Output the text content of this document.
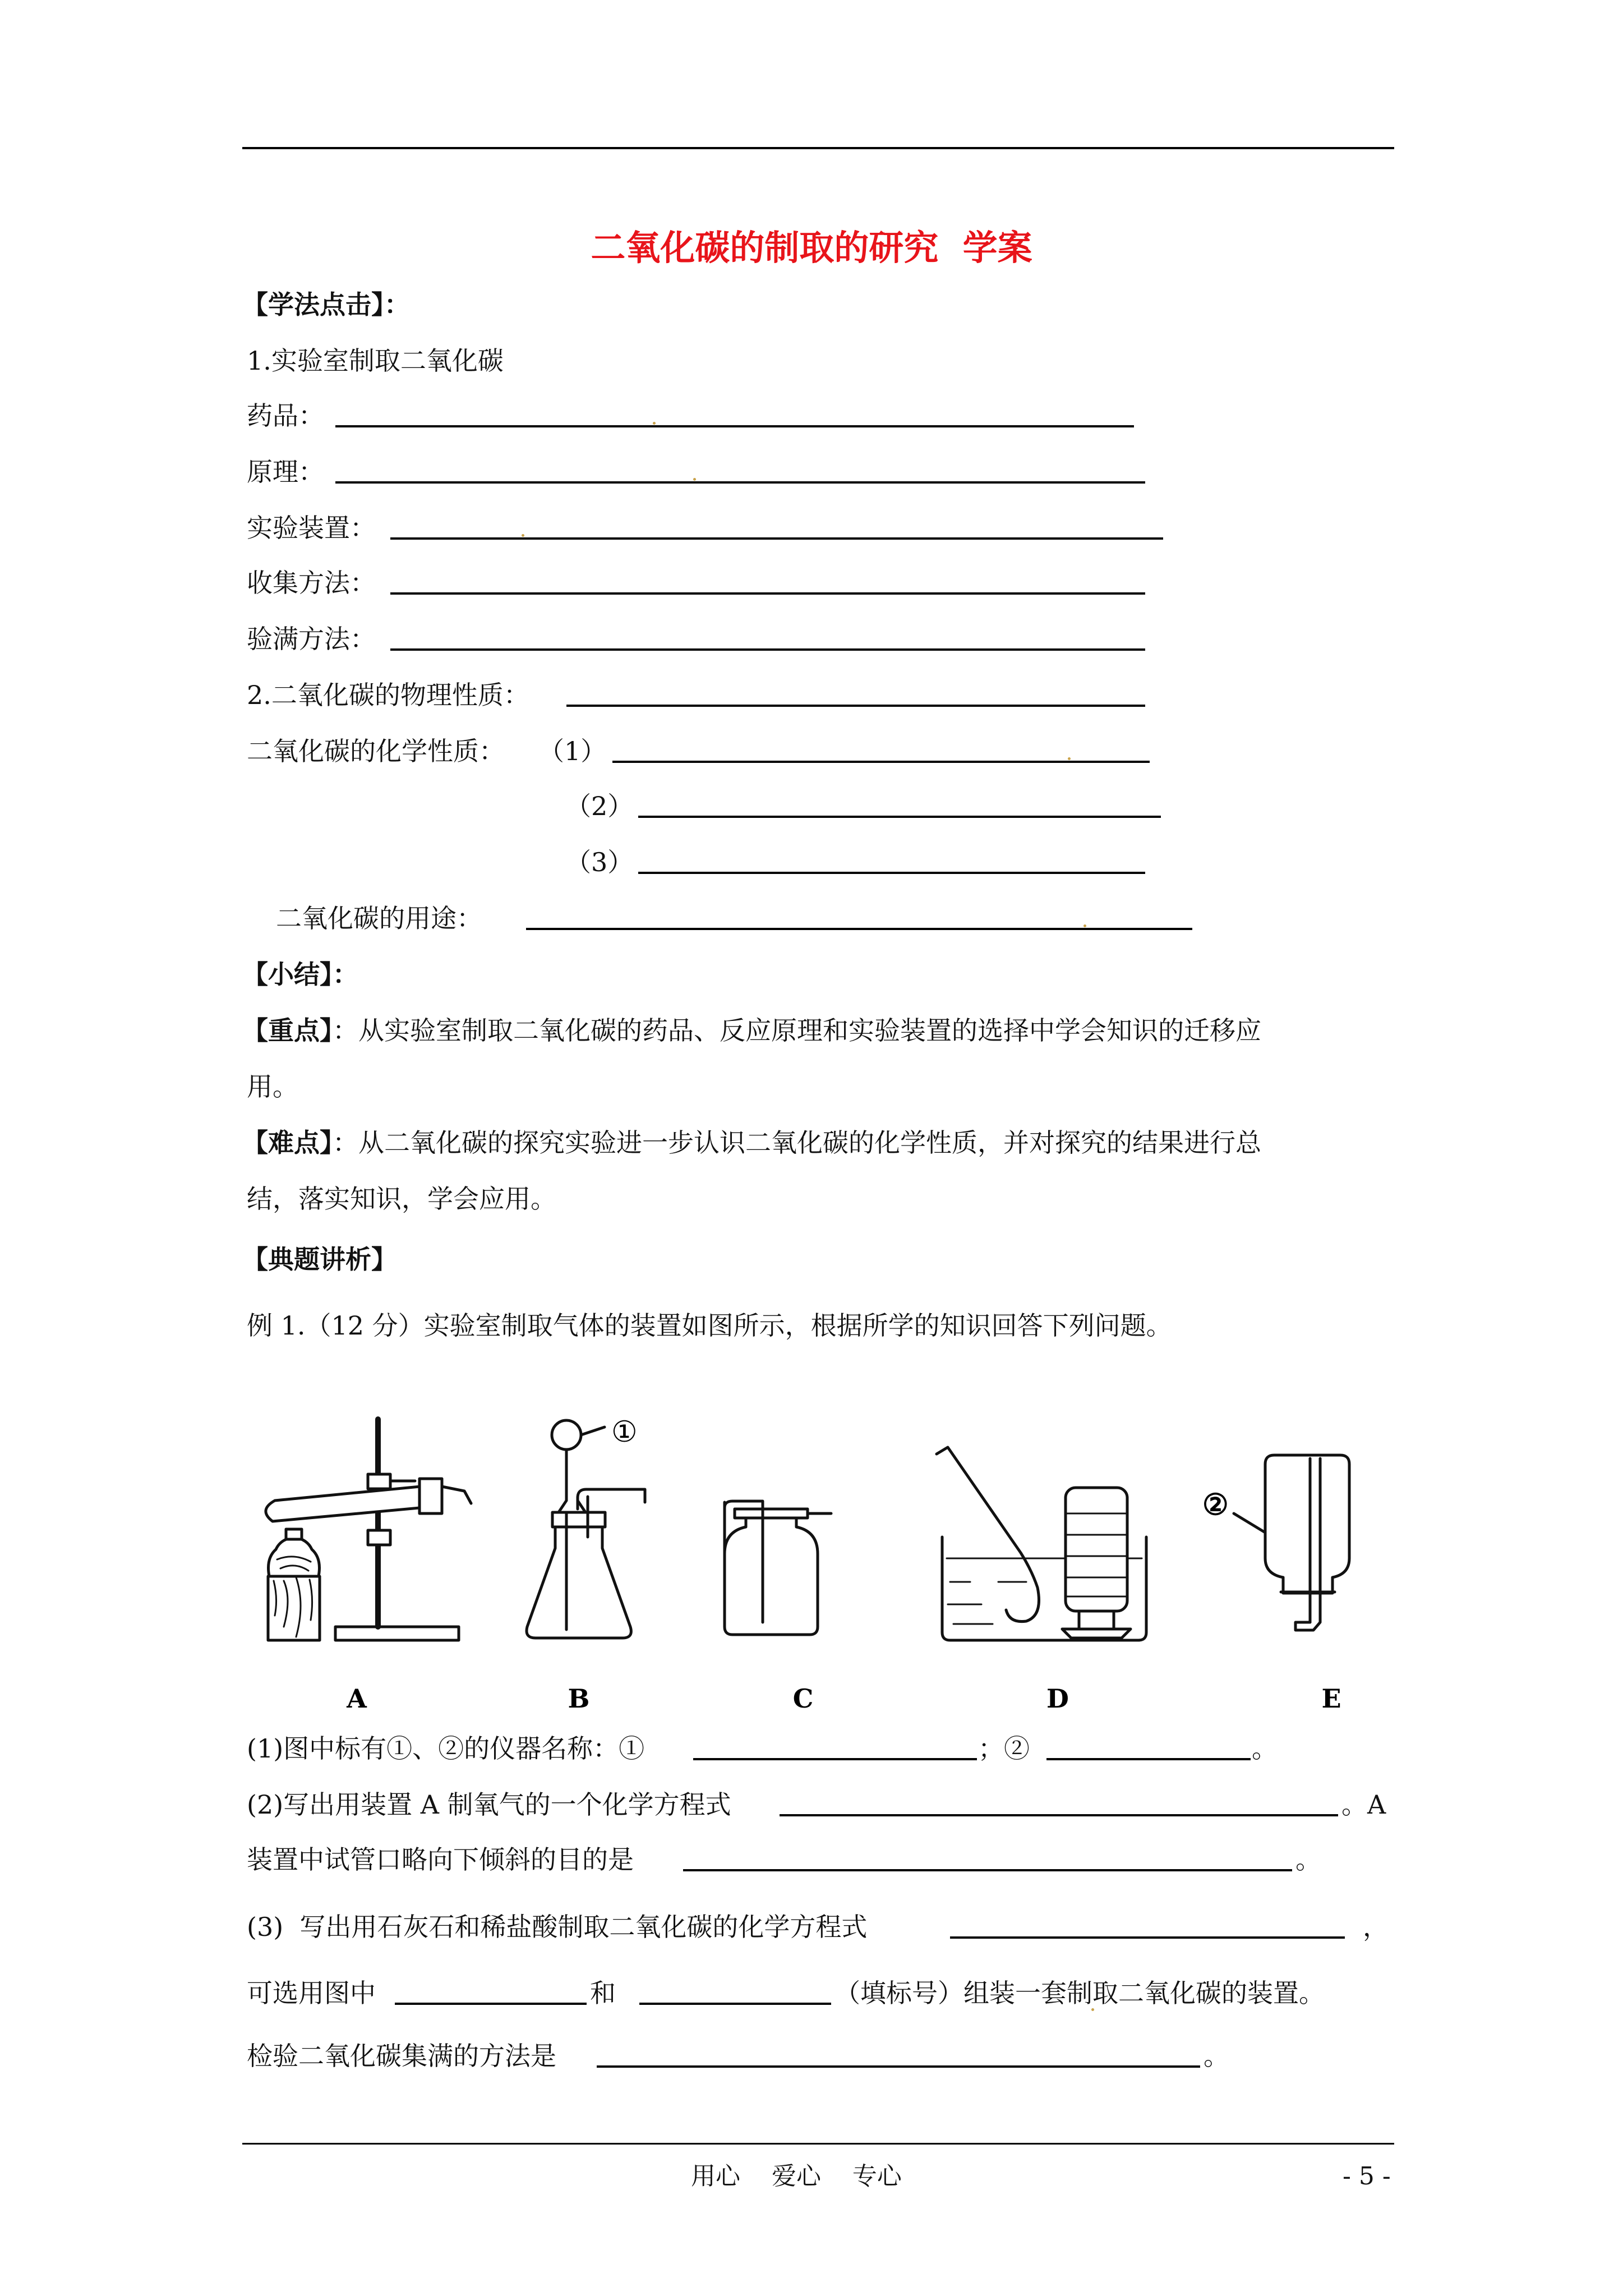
二氧化碳的制取的研究  学案
【学法点击】：
1.实验室制取二氧化碳
药品：
原理：
实验装置：
收集方法：
验满方法：
2.二氧化碳的物理性质：
二氧化碳的化学性质： （1）
（2）
（3）
二氧化碳的用途：
【小结】：
【重点】：从实验室制取二氧化碳的药品、反应原理和实验装置的选择中学会知识的迁移应
用。
【难点】：从二氧化碳的探究实验进一步认识二氧化碳的化学性质，并对探究的结果进行总
结，落实知识，学会应用。
【典题讲析】
例 1.（12 分）实验室制取气体的装置如图所示，根据所学的知识回答下列问题。
①
②
A	B	C	D	E
(1)图中标有①、②的仪器名称：①	；②	。
(2)写出用装置 A 制氧气的一个化学方程式	。A
装置中试管口略向下倾斜的目的是	。
(3)  写出用石灰石和稀盐酸制取二氧化碳的化学方程式	，
可选用图中	和	（填标号）组装一套制取二氧化碳的装置。
检验二氧化碳集满的方法是	。
用心    爱心    专心	- 5 -
